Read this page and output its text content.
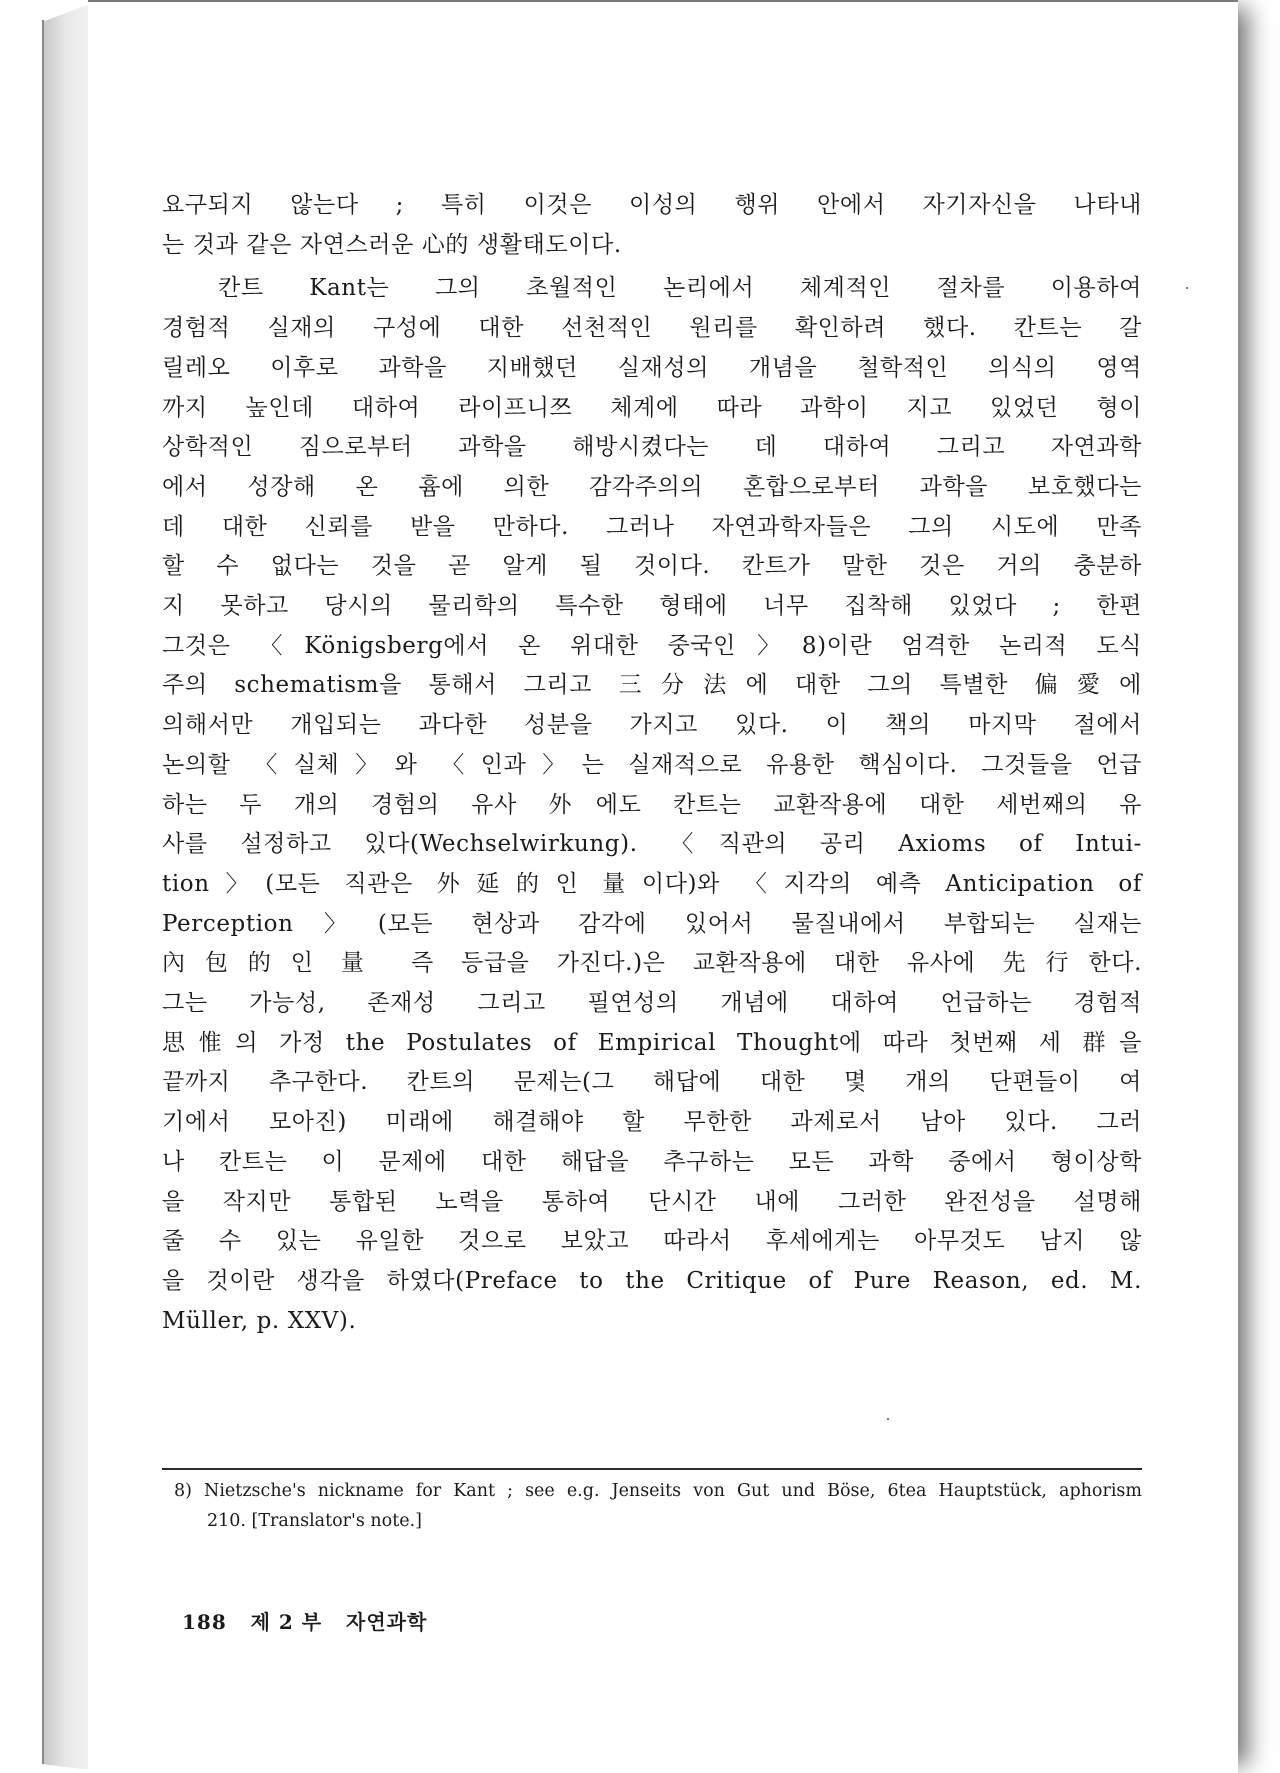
요구되지 않는다 ; 특히 이것은 이성의 행위 안에서 자기자신을 나타내
는 것과 같은 자연스러운 心的 생활태도이다.
칸트 Kant는 그의 초월적인 논리에서 체계적인 절차를 이용하여
경험적 실재의 구성에 대한 선천적인 원리를 확인하려 했다. 칸트는 갈
릴레오 이후로 과학을 지배했던 실재성의 개념을 철학적인 의식의 영역
까지 높인데 대하여 라이프니쯔 체계에 따라 과학이 지고 있었던 형이
상학적인 짐으로부터 과학을 해방시켰다는 데 대하여 그리고 자연과학
에서 성장해 온 흄에 의한 감각주의의 혼합으로부터 과학을 보호했다는
데 대한 신뢰를 받을 만하다. 그러나 자연과학자들은 그의 시도에 만족
할 수 없다는 것을 곧 알게 될 것이다. 칸트가 말한 것은 거의 충분하
지 못하고 당시의 물리학의 특수한 형태에 너무 집착해 있었다 ; 한편
그것은 〈Königsberg에서 온 위대한 중국인〉8)이란 엄격한 논리적 도식
주의 schematism을 통해서 그리고 三分法에 대한 그의 특별한 偏愛에
의해서만 개입되는 과다한 성분을 가지고 있다. 이 책의 마지막 절에서
논의할 〈실체〉와 〈인과〉는 실재적으로 유용한 핵심이다. 그것들을 언급
하는 두 개의 경험의 유사 外에도 칸트는 교환작용에 대한 세번째의 유
사를 설정하고 있다(Wechselwirkung). 〈직관의 공리 Axioms of Intui-
tion〉(모든 직관은 外延的인 量이다)와 〈지각의 예측 Anticipation of
Perception〉(모든 현상과 감각에 있어서 물질내에서 부합되는 실재는
內包的인 量 즉 등급을 가진다.)은 교환작용에 대한 유사에 先行한다.
그는 가능성, 존재성 그리고 필연성의 개념에 대하여 언급하는 경험적
思惟의 가정 the Postulates of Empirical Thought에 따라 첫번째 세 群을
끝까지 추구한다. 칸트의 문제는(그 해답에 대한 몇 개의 단편들이 여
기에서 모아진) 미래에 해결해야 할 무한한 과제로서 남아 있다. 그러
나 칸트는 이 문제에 대한 해답을 추구하는 모든 과학 중에서 형이상학
을 작지만 통합된 노력을 통하여 단시간 내에 그러한 완전성을 설명해
줄 수 있는 유일한 것으로 보았고 따라서 후세에게는 아무것도 남지 않
을 것이란 생각을 하였다(Preface to the Critique of Pure Reason, ed. M.
Müller, p. XXV).
8) Nietzsche's nickname for Kant ; see e.g. Jenseits von Gut und Böse, 6tea Hauptstück, aphorism
210. [Translator's note.]
188 제 2 부 자연과학
